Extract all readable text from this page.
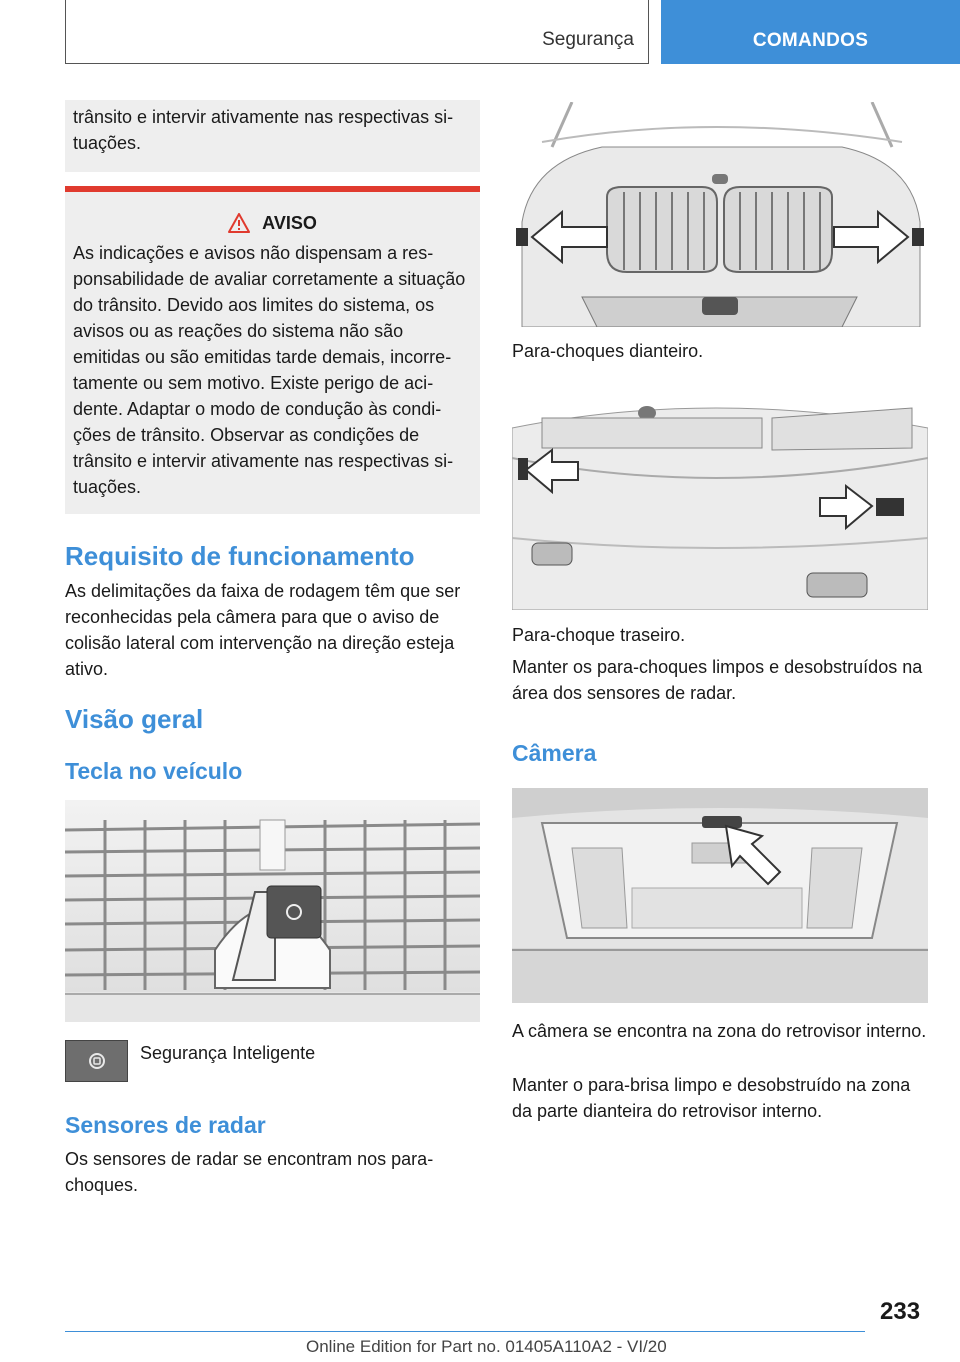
Segurança	COMANDOS

trânsito e intervir ativamente nas respectivas situações.

AVISO

As indicações e avisos não dispensam a responsabilidade de avaliar corretamente a situação do trânsito. Devido aos limites do sistema, os avisos ou as reações do sistema não são emitidas ou são emitidas tarde demais, incorretamente ou sem motivo. Existe perigo de acidente. Adaptar o modo de condução às condições de trânsito. Observar as condições de trânsito e intervir ativamente nas respectivas situações.

Requisito de funcionamento

As delimitações da faixa de rodagem têm que ser reconhecidas pela câmera para que o aviso de colisão lateral com intervenção na direção esteja ativo.

Visão geral
Tecla no veículo
Segurança Inteligente
Sensores de radar

Os sensores de radar se encontram nos para-choques.

Para-choques dianteiro.

Para-choque traseiro.

Manter os para-choques limpos e desobstruídos na área dos sensores de radar.

Câmera

A câmera se encontra na zona do retrovisor interno.

Manter o para-brisa limpo e desobstruído na zona da parte dianteira do retrovisor interno.

233
Online Edition for Part no. 01405A110A2 - VI/20
